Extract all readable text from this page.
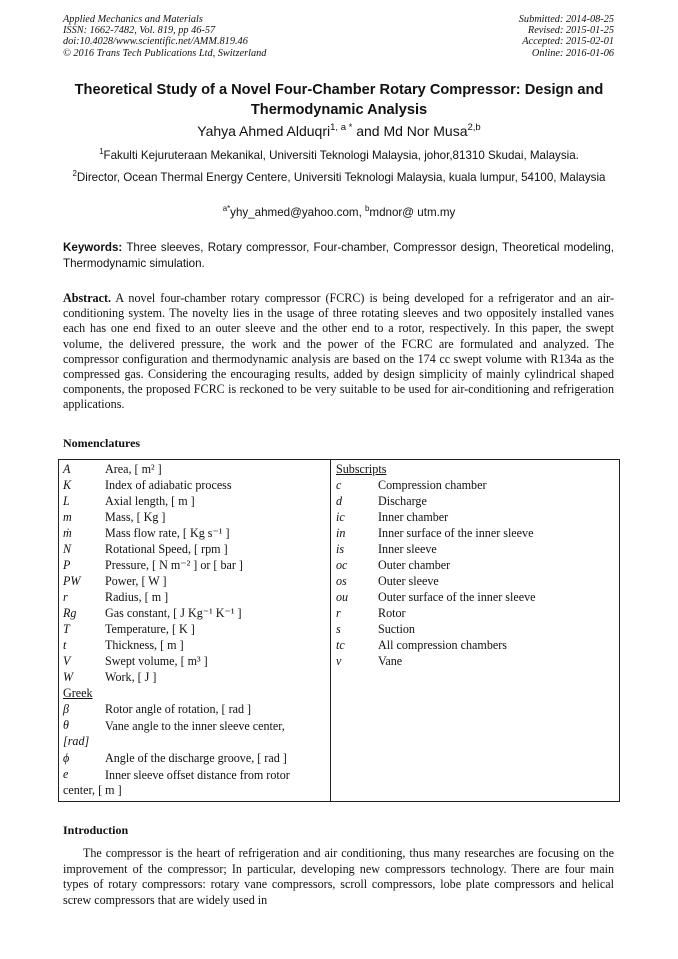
Applied Mechanics and Materials
ISSN: 1662-7482, Vol. 819, pp 46-57
doi:10.4028/www.scientific.net/AMM.819.46
© 2016 Trans Tech Publications Ltd, Switzerland
Submitted: 2014-08-25
Revised: 2015-01-25
Accepted: 2015-02-01
Online: 2016-01-06
Theoretical Study of a Novel Four-Chamber Rotary Compressor: Design and Thermodynamic Analysis
Yahya Ahmed Alduqri$^{1, a *}$ and Md Nor Musa$^{2,b}$
$^1$Fakulti Kejuruteraan Mekanikal, Universiti Teknologi Malaysia, johor,81310 Skudai, Malaysia.
$^2$Director, Ocean Thermal Energy Centere, Universiti Teknologi Malaysia, kuala lumpur, 54100, Malaysia
$^{a*}$yhy_ahmed@yahoo.com, $^b$mdnor@ utm.my
Keywords: Three sleeves, Rotary compressor, Four-chamber, Compressor design, Theoretical modeling, Thermodynamic simulation.
Abstract. A novel four-chamber rotary compressor (FCRC) is being developed for a refrigerator and an air-conditioning system. The novelty lies in the usage of three rotating sleeves and two oppositely installed vanes each has one end fixed to an outer sleeve and the other end to a rotor, respectively. In this paper, the swept volume, the delivered pressure, the work and the power of the FCRC are formulated and analyzed. The compressor configuration and thermodynamic analysis are based on the 174 cc swept volume with R134a as the compressed gas. Considering the encouraging results, added by design simplicity of mainly cylindrical shaped components, the proposed FCRC is reckoned to be very suitable to be used for air-conditioning and refrigeration applications.
Nomenclatures
A	Area, [ m² ]
K	Index of adiabatic process
L	Axial length, [ m ]
m	Mass, [ Kg ]
ṁ	Mass flow rate, [ Kg s⁻¹ ]
N	Rotational Speed, [ rpm ]
P	Pressure, [ N m⁻² ] or [ bar ]
PW Power, [ W ]
r	Radius, [ m ]
Rg Gas constant, [ J Kg⁻¹ K⁻¹ ]
T	Temperature, [ K ]
t	Thickness, [ m ]
V	Swept volume, [ m³ ]
W	Work, [ J ]
Greek
β	Rotor angle of rotation, [ rad ]
θ	Vane angle to the inner sleeve center,
[rad]
ϕ	Angle of the discharge groove, [ rad ]
e	Inner sleeve offset distance from rotor
center, [ m ]
Subscripts
c	Compression chamber
d	Discharge
ic	Inner chamber
in	Inner surface of the inner sleeve
is	Inner sleeve
oc	Outer chamber
os	Outer sleeve
ou Outer surface of the inner sleeve
r	Rotor
s	Suction
tc	All compression chambers
v	Vane
Introduction
The compressor is the heart of refrigeration and air conditioning, thus many researches are focusing on the improvement of the compressor; In particular, developing new compressors technology. There are four main types of rotary compressors: rotary vane compressors, scroll compressors, lobe plate compressors and helical screw compressors that are widely used in
